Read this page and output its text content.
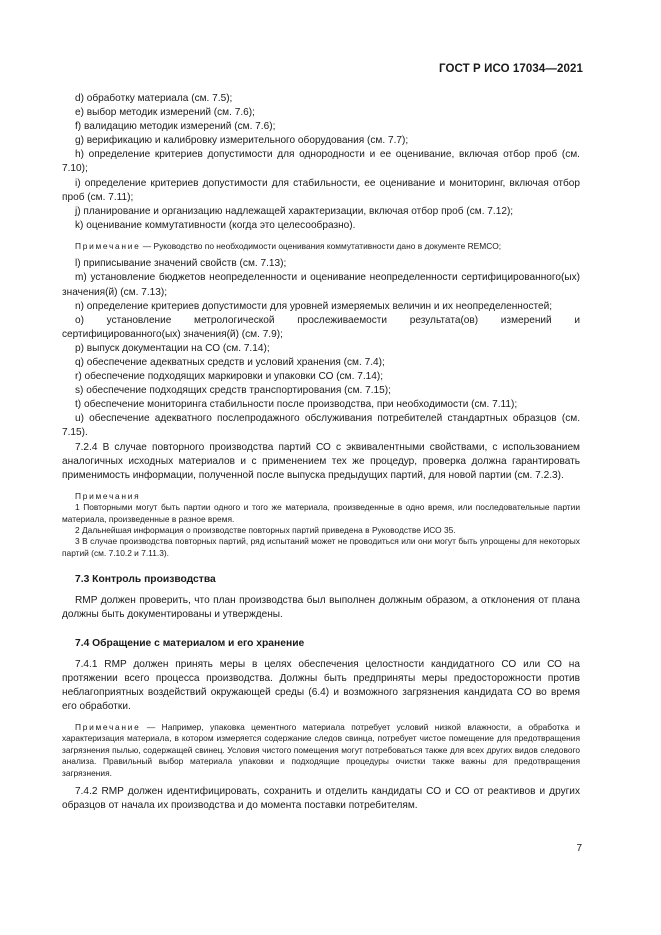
ГОСТ Р ИСО 17034—2021

d) обработку материала (см. 7.5);

e) выбор методик измерений (см. 7.6);

f) валидацию методик измерений (см. 7.6);

g) верификацию и калибровку измерительного оборудования (см. 7.7);

h) определение критериев допустимости для однородности и ее оценивание, включая отбор проб (см. 7.10);

i) определение критериев допустимости для стабильности, ее оценивание и мониторинг, включая отбор проб (см. 7.11);

j) планирование и организацию надлежащей характеризации, включая отбор проб (см. 7.12);

k) оценивание коммутативности (когда это целесообразно).

Примечание — Руководство по необходимости оценивания коммутативности дано в документе REMCO;

l) приписывание значений свойств (см. 7.13);

m) установление бюджетов неопределенности и оценивание неопределенности сертифицированного(ых) значения(й) (см. 7.13);

n) определение критериев допустимости для уровней измеряемых величин и их неопределенностей;

o) установление метрологической прослеживаемости результата(ов) измерений и сертифицированного(ых) значения(й) (см. 7.9);

p) выпуск документации на СО (см. 7.14);

q) обеспечение адекватных средств и условий хранения (см. 7.4);

r) обеспечение подходящих маркировки и упаковки СО (см. 7.14);

s) обеспечение подходящих средств транспортирования (см. 7.15);

t) обеспечение мониторинга стабильности после производства, при необходимости (см. 7.11);

u) обеспечение адекватного послепродажного обслуживания потребителей стандартных образцов (см. 7.15).

7.2.4 В случае повторного производства партий СО с эквивалентными свойствами, с использованием аналогичных исходных материалов и с применением тех же процедур, проверка должна гарантировать применимость информации, полученной после выпуска предыдущих партий, для новой партии (см. 7.2.3).

Примечания

1 Повторными могут быть партии одного и того же материала, произведенные в одно время, или последовательные партии материала, произведенные в разное время.

2 Дальнейшая информация о производстве повторных партий приведена в Руководстве ИСО 35.

3 В случае производства повторных партий, ряд испытаний может не проводиться или они могут быть упрощены для некоторых партий (см. 7.10.2 и 7.11.3).

7.3 Контроль производства

RMP должен проверить, что план производства был выполнен должным образом, а отклонения от плана должны быть документированы и утверждены.

7.4 Обращение с материалом и его хранение

7.4.1 RMP должен принять меры в целях обеспечения целостности кандидатного СО или СО на протяжении всего процесса производства. Должны быть предприняты меры предосторожности против неблагоприятных воздействий окружающей среды (6.4) и возможного загрязнения кандидата СО во время его обработки.

Примечание — Например, упаковка цементного материала потребует условий низкой влажности, а обработка и характеризация материала, в котором измеряется содержание следов свинца, потребует чистое помещение для предотвращения загрязнения пылью, содержащей свинец. Условия чистого помещения могут потребоваться также для всех других видов следового анализа. Правильный выбор материала упаковки и подходящие процедуры очистки также важны для предотвращения загрязнения.

7.4.2 RMP должен идентифицировать, сохранить и отделить кандидаты СО и СО от реактивов и других образцов от начала их производства и до момента поставки потребителям.

7
